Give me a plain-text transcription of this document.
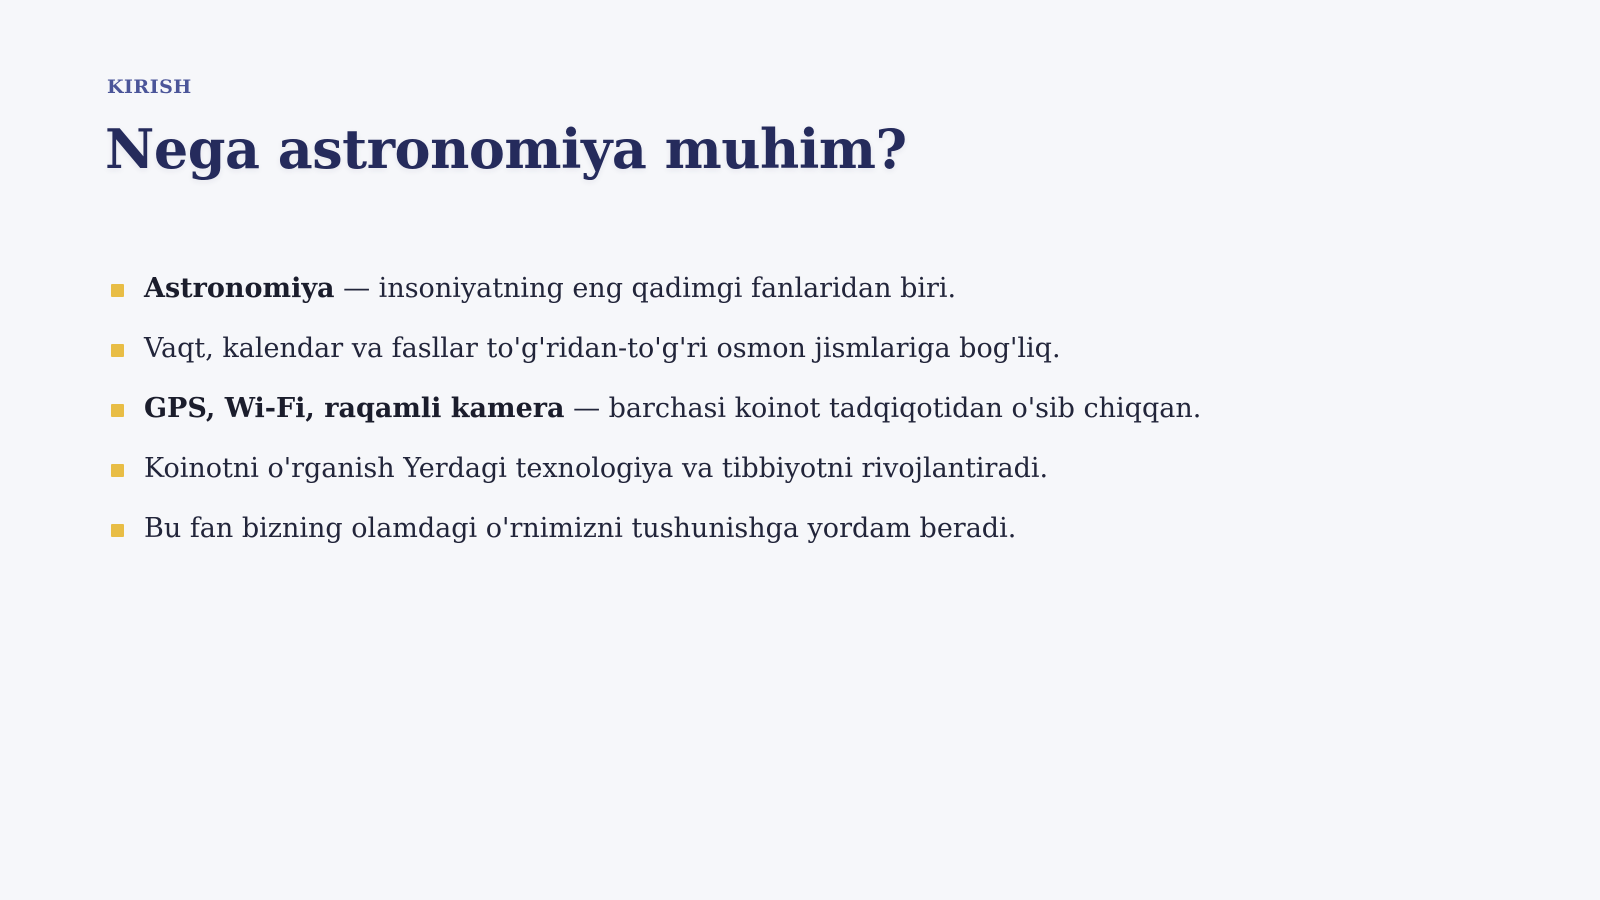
KIRISH
Nega astronomiya muhim?
Astronomiya — insoniyatning eng qadimgi fanlaridan biri.
Vaqt, kalendar va fasllar to'g'ridan-to'g'ri osmon jismlariga bog'liq.
GPS, Wi-Fi, raqamli kamera — barchasi koinot tadqiqotidan o'sib chiqqan.
Koinotni o'rganish Yerdagi texnologiya va tibbiyotni rivojlantiradi.
Bu fan bizning olamdagi o'rnimizni tushunishga yordam beradi.
